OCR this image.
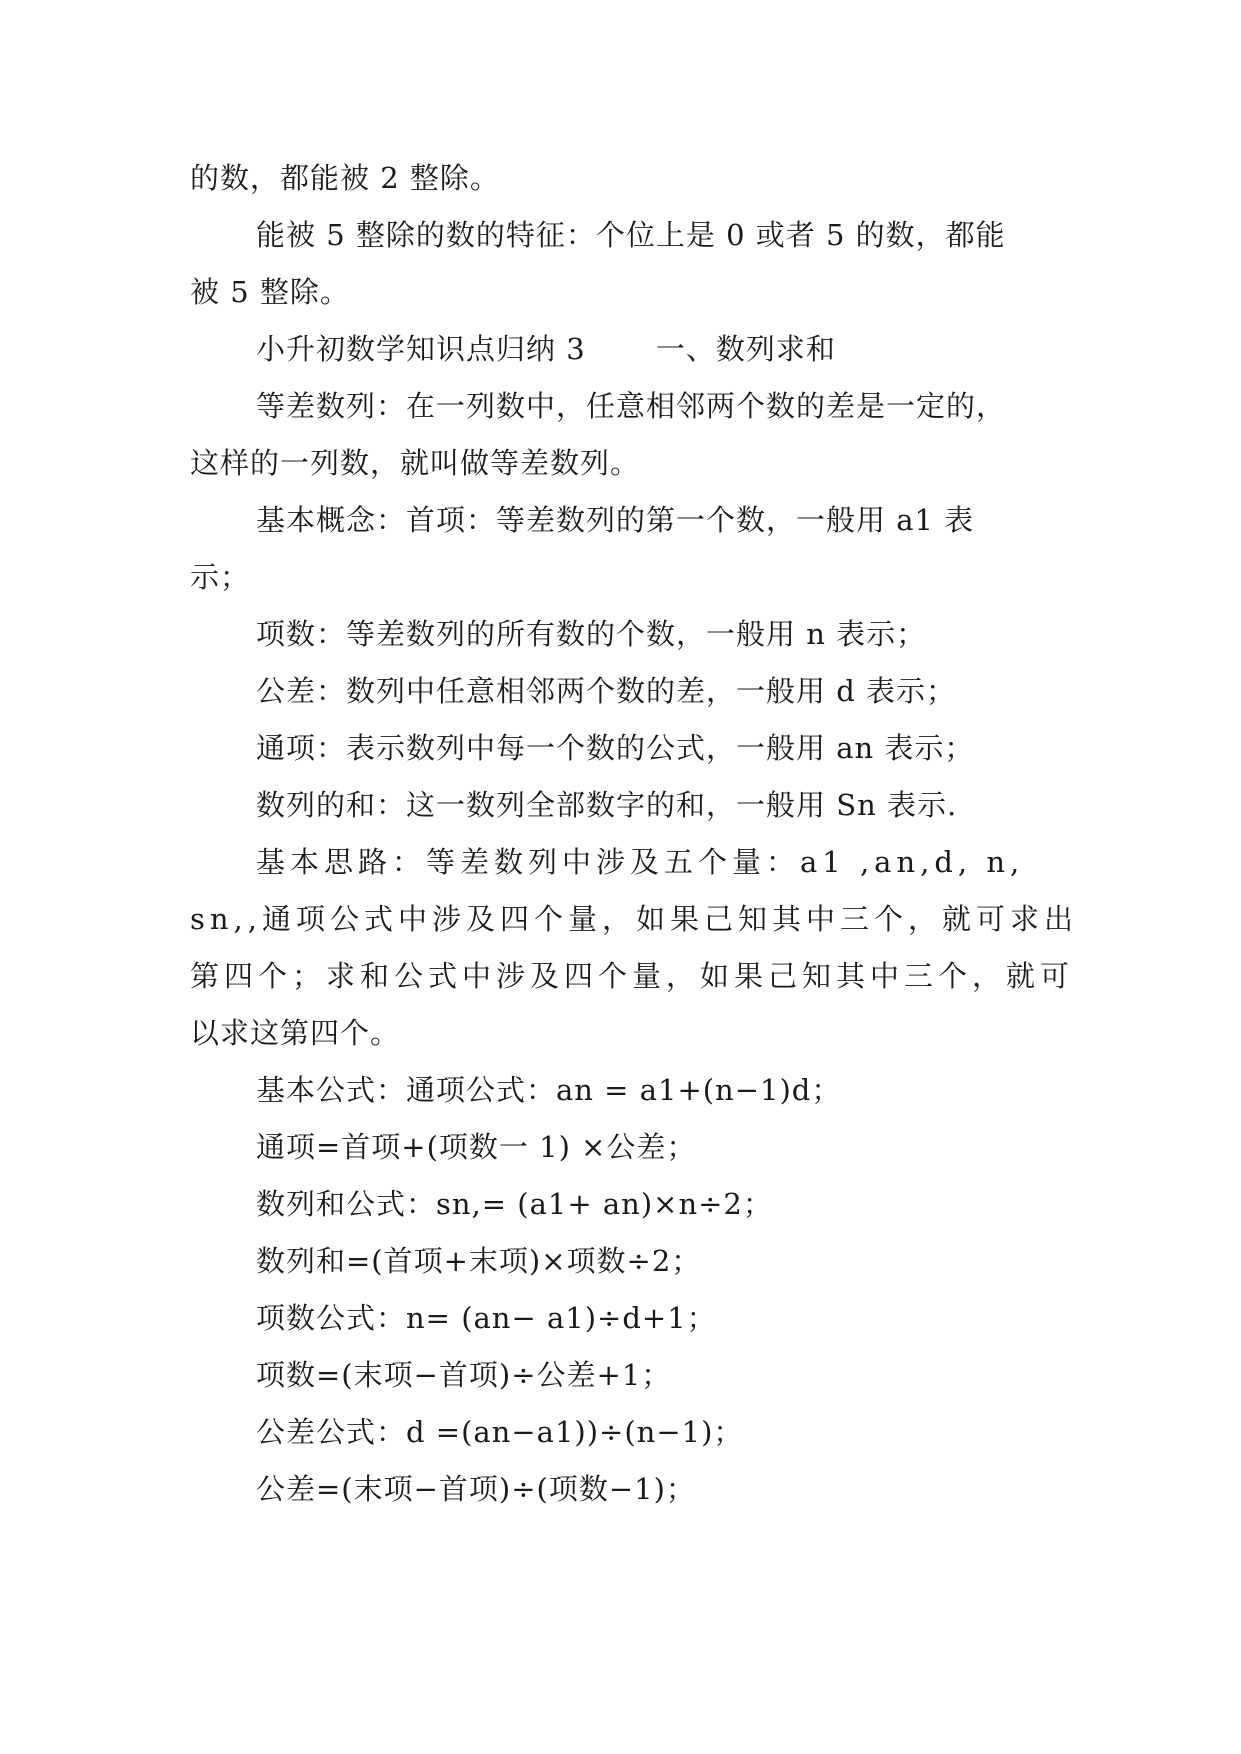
的数，都能被 2 整除。
能被 5 整除的数的特征：个位上是 0 或者 5 的数，都能
被 5 整除。
小升初数学知识点归纳 3　　 一、数列求和
等差数列：在一列数中，任意相邻两个数的差是一定的，
这样的一列数，就叫做等差数列。
基本概念：首项：等差数列的第一个数，一般用 a1 表
示；
项数：等差数列的所有数的个数，一般用 n 表示；
公差：数列中任意相邻两个数的差，一般用 d 表示；
通项：表示数列中每一个数的公式，一般用 an 表示；
数列的和：这一数列全部数字的和，一般用 Sn 表示.
基本思路：等差数列中涉及五个量：a1 ,an,d, n,
sn,,通项公式中涉及四个量，如果己知其中三个，就可求出
第四个；求和公式中涉及四个量，如果己知其中三个，就可
以求这第四个。
基本公式：通项公式：an = a1+(n−1)d；
通项=首项+(项数一 1) ×公差；
数列和公式：sn,= (a1+ an)×n÷2；
数列和=(首项+末项)×项数÷2；
项数公式：n= (an− a1)÷d+1；
项数=(末项−首项)÷公差+1；
公差公式：d =(an−a1))÷(n−1)；
公差=(末项−首项)÷(项数−1)；
